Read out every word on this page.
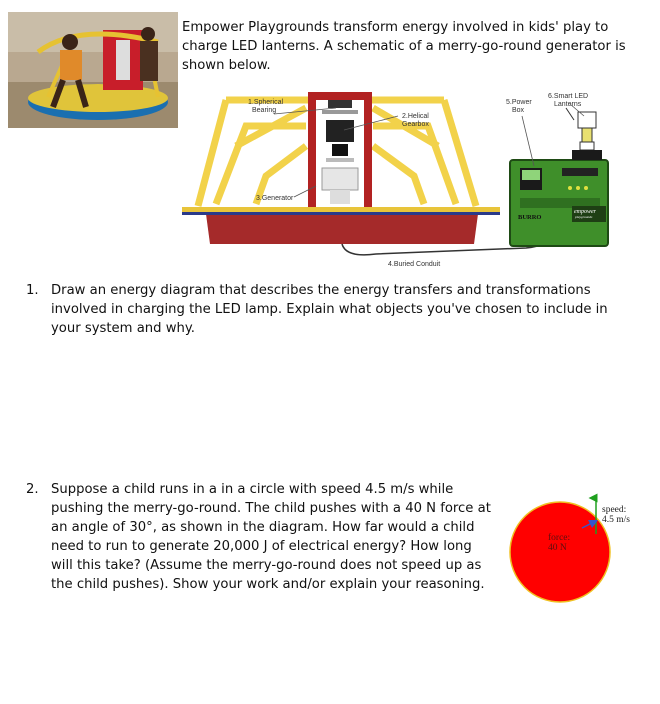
Empower Playgrounds transform energy involved in kids' play to charge LED lanterns. A schematic of a merry-go-round generator is shown below.
1.Spherical Bearing
2.Helical Gearbox
3.Generator
4.Buried Conduit
5.Power Box
6.Smart LED Lanterns
BURRO
empower playgrounds
1. Draw an energy diagram that describes the energy transfers and transformations involved in charging the LED lamp. Explain what objects you've chosen to include in your system and why.
2. Suppose a child runs in a in a circle with speed 4.5 m/s while pushing the merry-go-round. The child pushes with a 40 N force at an angle of 30°, as shown in the diagram. How far would a child need to run to generate 20,000 J of electrical energy? How long will this take? (Assume the merry-go-round does not speed up as the child pushes). Show your work and/or explain your reasoning.
force: 40 N
speed: 4.5 m/s
